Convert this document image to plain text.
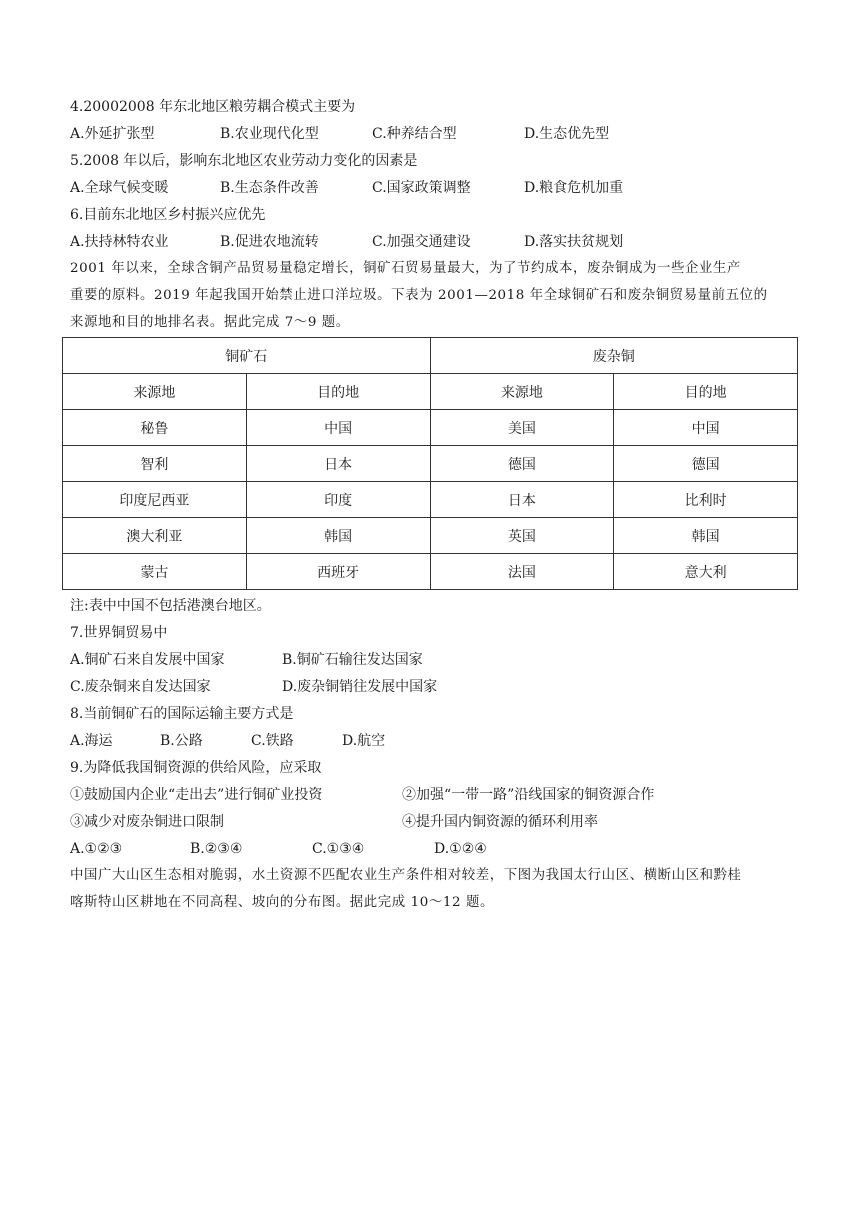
4.20002008 年东北地区粮劳耦合模式主要为
A.外延扩张型	B.农业现代化型	C.种养结合型	D.生态优先型
5.2008 年以后，影响东北地区农业劳动力变化的因素是
A.全球气候变暖	B.生态条件改善	C.国家政策调整	D.粮食危机加重
6.目前东北地区乡村振兴应优先
A.扶持林特农业	B.促进农地流转	C.加强交通建设	D.落实扶贫规划
2001 年以来，全球含铜产品贸易量稳定增长，铜矿石贸易量最大，为了节约成本，废杂铜成为一些企业生产
重要的原料。2019 年起我国开始禁止进口洋垃圾。下表为 2001—2018 年全球铜矿石和废杂铜贸易量前五位的
来源地和目的地排名表。据此完成 7～9 题。
铜矿石		废杂铜	
来源地	目的地	来源地	目的地
秘鲁	中国	美国	中国
智利	日本	德国	德国
印度尼西亚	印度	日本	比利时
澳大利亚	韩国	英国	韩国
蒙古	西班牙	法国	意大利
注:表中中国不包括港澳台地区。
7.世界铜贸易中
A.铜矿石来自发展中国家	B.铜矿石输往发达国家
C.废杂铜来自发达国家	D.废杂铜销往发展中国家
8.当前铜矿石的国际运输主要方式是
A.海运	B.公路	C.铁路	D.航空
9.为降低我国铜资源的供给风险，应采取
①鼓励国内企业“走出去”进行铜矿业投资	②加强“一带一路”沿线国家的铜资源合作
③减少对废杂铜进口限制	④提升国内铜资源的循环利用率
A.①②③	B.②③④	C.①③④	D.①②④
中国广大山区生态相对脆弱，水土资源不匹配农业生产条件相对较差，下图为我国太行山区、横断山区和黔桂
喀斯特山区耕地在不同高程、坡向的分布图。据此完成 10～12 题。
